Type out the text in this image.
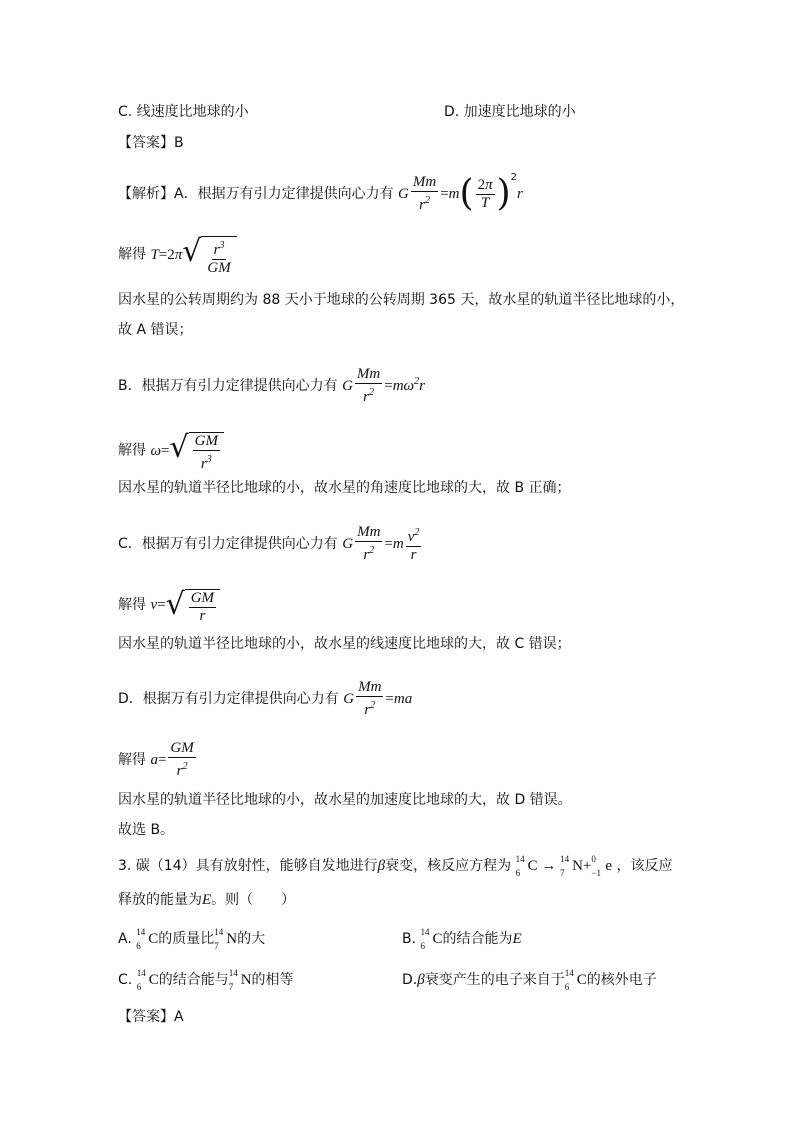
C. 线速度比地球的小	D. 加速度比地球的小
【答案】B
【解析】A．根据万有引力定律提供向心力有 G $\frac{Mm}{r^2} =m( \frac{2\pi}{T} )^2r$
解得 T=2π √ $\frac{r^3}{GM}$
因水星的公转周期约为 88 天小于地球的公转周期 365 天，故水星的轨道半径比地球的小，
故 A 错误；
B．根据万有引力定律提供向心力有 G $\frac{Mm}{r^2} =m\omega^2r$
解得 ω= √ $\frac{GM}{r^3}$
因水星的轨道半径比地球的小，故水星的角速度比地球的大，故 B 正确；
C．根据万有引力定律提供向心力有 G $\frac{Mm}{r^2} =m \frac{v^2}{r}$
解得 v= √ $\frac{GM}{r}$
因水星的轨道半径比地球的小，故水星的线速度比地球的大，故 C 错误；
D．根据万有引力定律提供向心力有 G $\frac{Mm}{r^2} =ma$
解得 $a= \frac{GM}{r^2}$
因水星的轨道半径比地球的小，故水星的加速度比地球的大，故 D 错误。
故选 B。
3. 碳（14）具有放射性，能够自发地进行β衰变，核反应方程为 14
6 C → 14
7 N+ 0
−1 e ，该反应
释放的能量为E。则（　　）
A. 14
6 C的质量比 14
7 N的大	B. 14
6 C的结合能为E
C. 14
6 C的结合能与 14
7 N的相等	D.β衰变产生的电子来自于 14
6 C的核外电子
【答案】A
